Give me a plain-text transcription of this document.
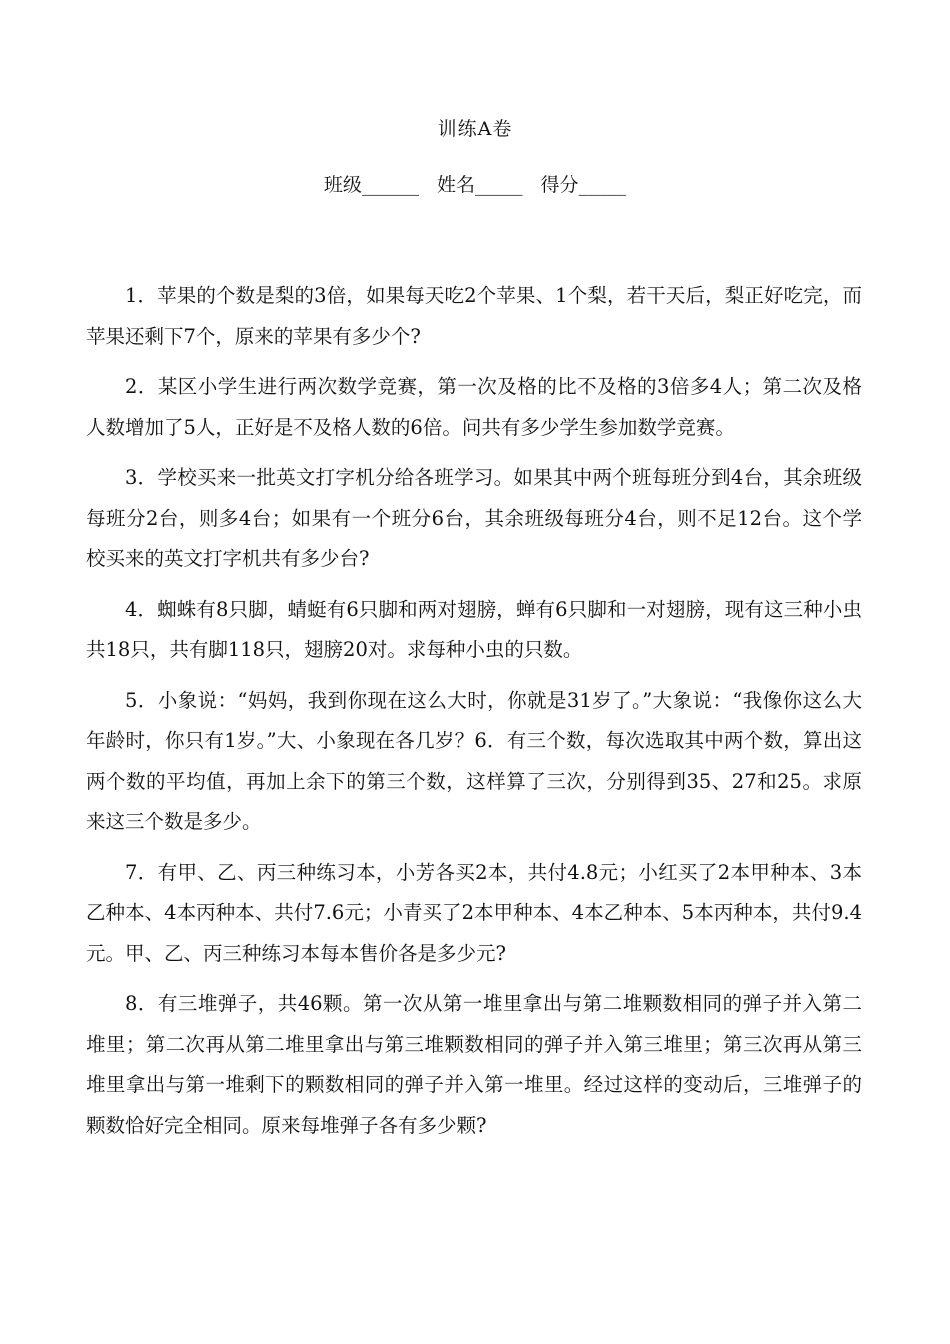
训练A卷
班级______ 姓名_____ 得分_____

1．苹果的个数是梨的3倍，如果每天吃2个苹果、1个梨，若干天后，梨正好吃完，而苹果还剩下7个，原来的苹果有多少个?

2．某区小学生进行两次数学竞赛，第一次及格的比不及格的3倍多4人；第二次及格人数增加了5人，正好是不及格人数的6倍。问共有多少学生参加数学竞赛。

3．学校买来一批英文打字机分给各班学习。如果其中两个班每班分到4台，其余班级每班分2台，则多4台；如果有一个班分6台，其余班级每班分4台，则不足12台。这个学校买来的英文打字机共有多少台?

4．蜘蛛有8只脚，蜻蜓有6只脚和两对翅膀，蝉有6只脚和一对翅膀，现有这三种小虫共18只，共有脚118只，翅膀20对。求每种小虫的只数。

5．小象说：“妈妈，我到你现在这么大时，你就是31岁了。”大象说：“我像你这么大年龄时，你只有1岁。”大、小象现在各几岁？6．有三个数，每次选取其中两个数，算出这两个数的平均值，再加上余下的第三个数，这样算了三次，分别得到35、27和25。求原来这三个数是多少。

7．有甲、乙、丙三种练习本，小芳各买2本，共付4.8元；小红买了2本甲种本、3本乙种本、4本丙种本、共付7.6元；小青买了2本甲种本、4本乙种本、5本丙种本，共付9.4元。甲、乙、丙三种练习本每本售价各是多少元?

8．有三堆弹子，共46颗。第一次从第一堆里拿出与第二堆颗数相同的弹子并入第二堆里；第二次再从第二堆里拿出与第三堆颗数相同的弹子并入第三堆里；第三次再从第三堆里拿出与第一堆剩下的颗数相同的弹子并入第一堆里。经过这样的变动后，三堆弹子的颗数恰好完全相同。原来每堆弹子各有多少颗?
